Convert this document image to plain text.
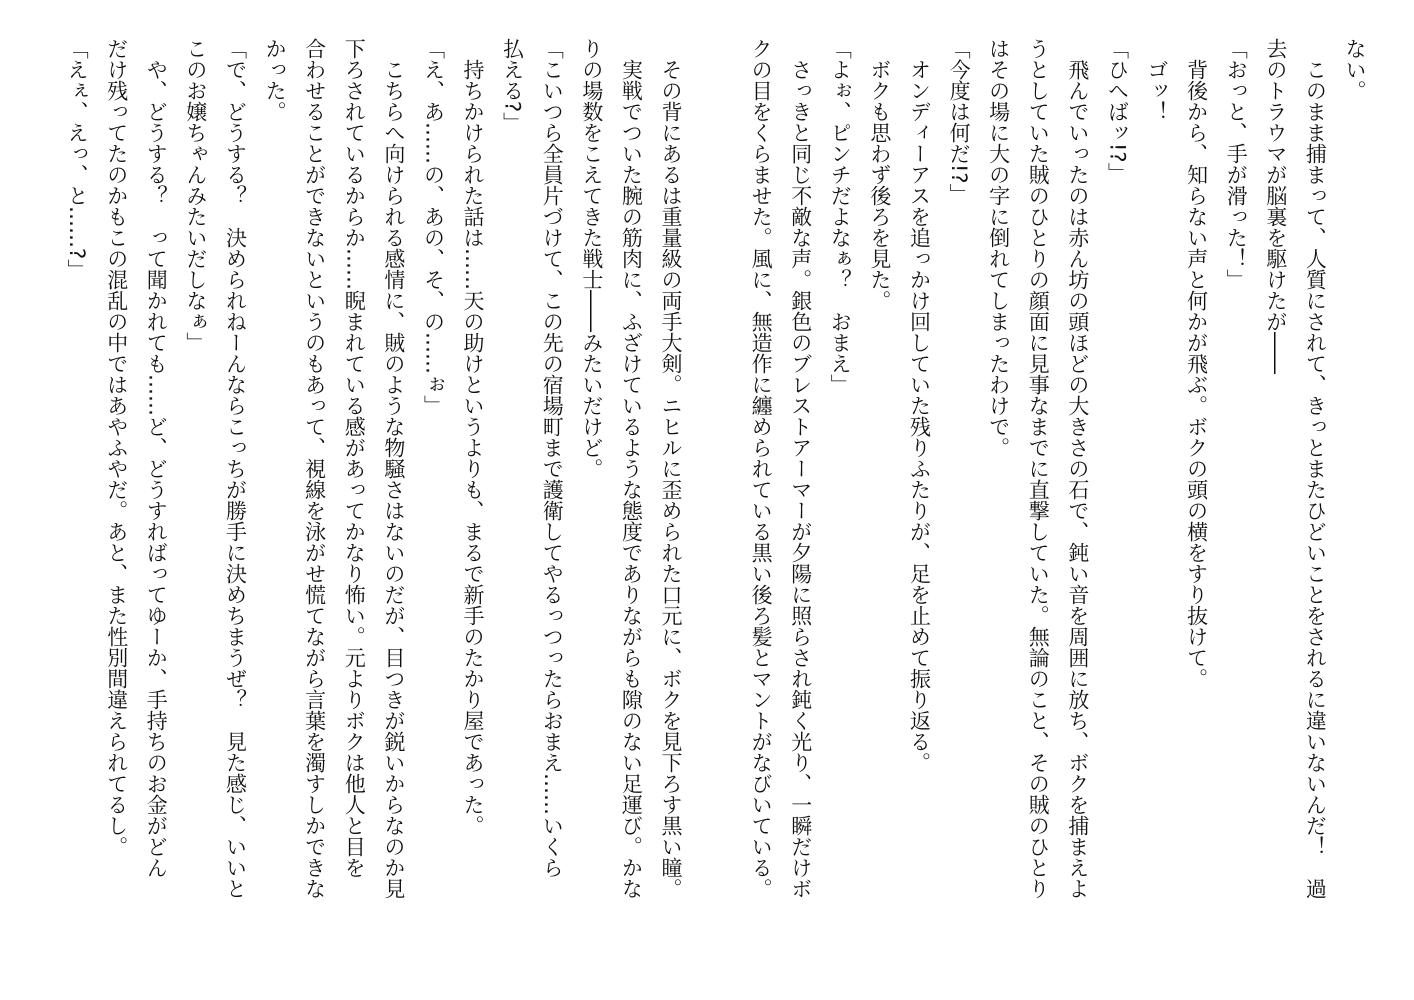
ない。
　このまま捕まって、人質にされて、きっとまたひどいことをされるに違いないんだ！　過
去のトラウマが脳裏を駆けたが――
「おっと、手が滑った！」
　背後から、知らない声と何かが飛ぶ。ボクの頭の横をすり抜けて。
　ゴッ！
「ひへばッ!?」
　飛んでいったのは赤ん坊の頭ほどの大きさの石で、鈍い音を周囲に放ち、ボクを捕まえよ
うとしていた賊のひとりの顔面に見事なまでに直撃していた。無論のこと、その賊のひとり
はその場に大の字に倒れてしまったわけで。
「今度は何だ!?」
　オンディーアスを追っかけ回していた残りふたりが、足を止めて振り返る。
　ボクも思わず後ろを見た。
「よぉ、ピンチだよなぁ？　おまえ」
　さっきと同じ不敵な声。銀色のブレストアーマーが夕陽に照らされ鈍く光り、一瞬だけボ
クの目をくらませた。風に、無造作に纏められている黒い後ろ髪とマントがなびいている。
　その背にあるは重量級の両手大剣。ニヒルに歪められた口元に、ボクを見下ろす黒い瞳。
　実戦でついた腕の筋肉に、ふざけているような態度でありながらも隙のない足運び。かな
りの場数をこえてきた戦士――みたいだけど。
「こいつら全員片づけて、この先の宿場町まで護衛してやるっつったらおまえ……いくら
払える?」
　持ちかけられた話は……天の助けというよりも、まるで新手のたかり屋であった。
「え、あ……の、あの、そ、の……ぉ」
　こちらへ向けられる感情に、賊のような物騒さはないのだが、目つきが鋭いからなのか見
下ろされているからか……睨まれている感があってかなり怖い。元よりボクは他人と目を
合わせることができないというのもあって、視線を泳がせ慌てながら言葉を濁すしかできな
かった。
「で、どうする？　決められねーんならこっちが勝手に決めちまうぜ？　見た感じ、いいと
このお嬢ちゃんみたいだしなぁ」
　や、どうする？　って聞かれても……ど、どうすればってゆーか、手持ちのお金がどん
だけ残ってたのかもこの混乱の中ではあやふやだ。あと、また性別間違えられてるし。
「えぇ、えっ、と……?」
